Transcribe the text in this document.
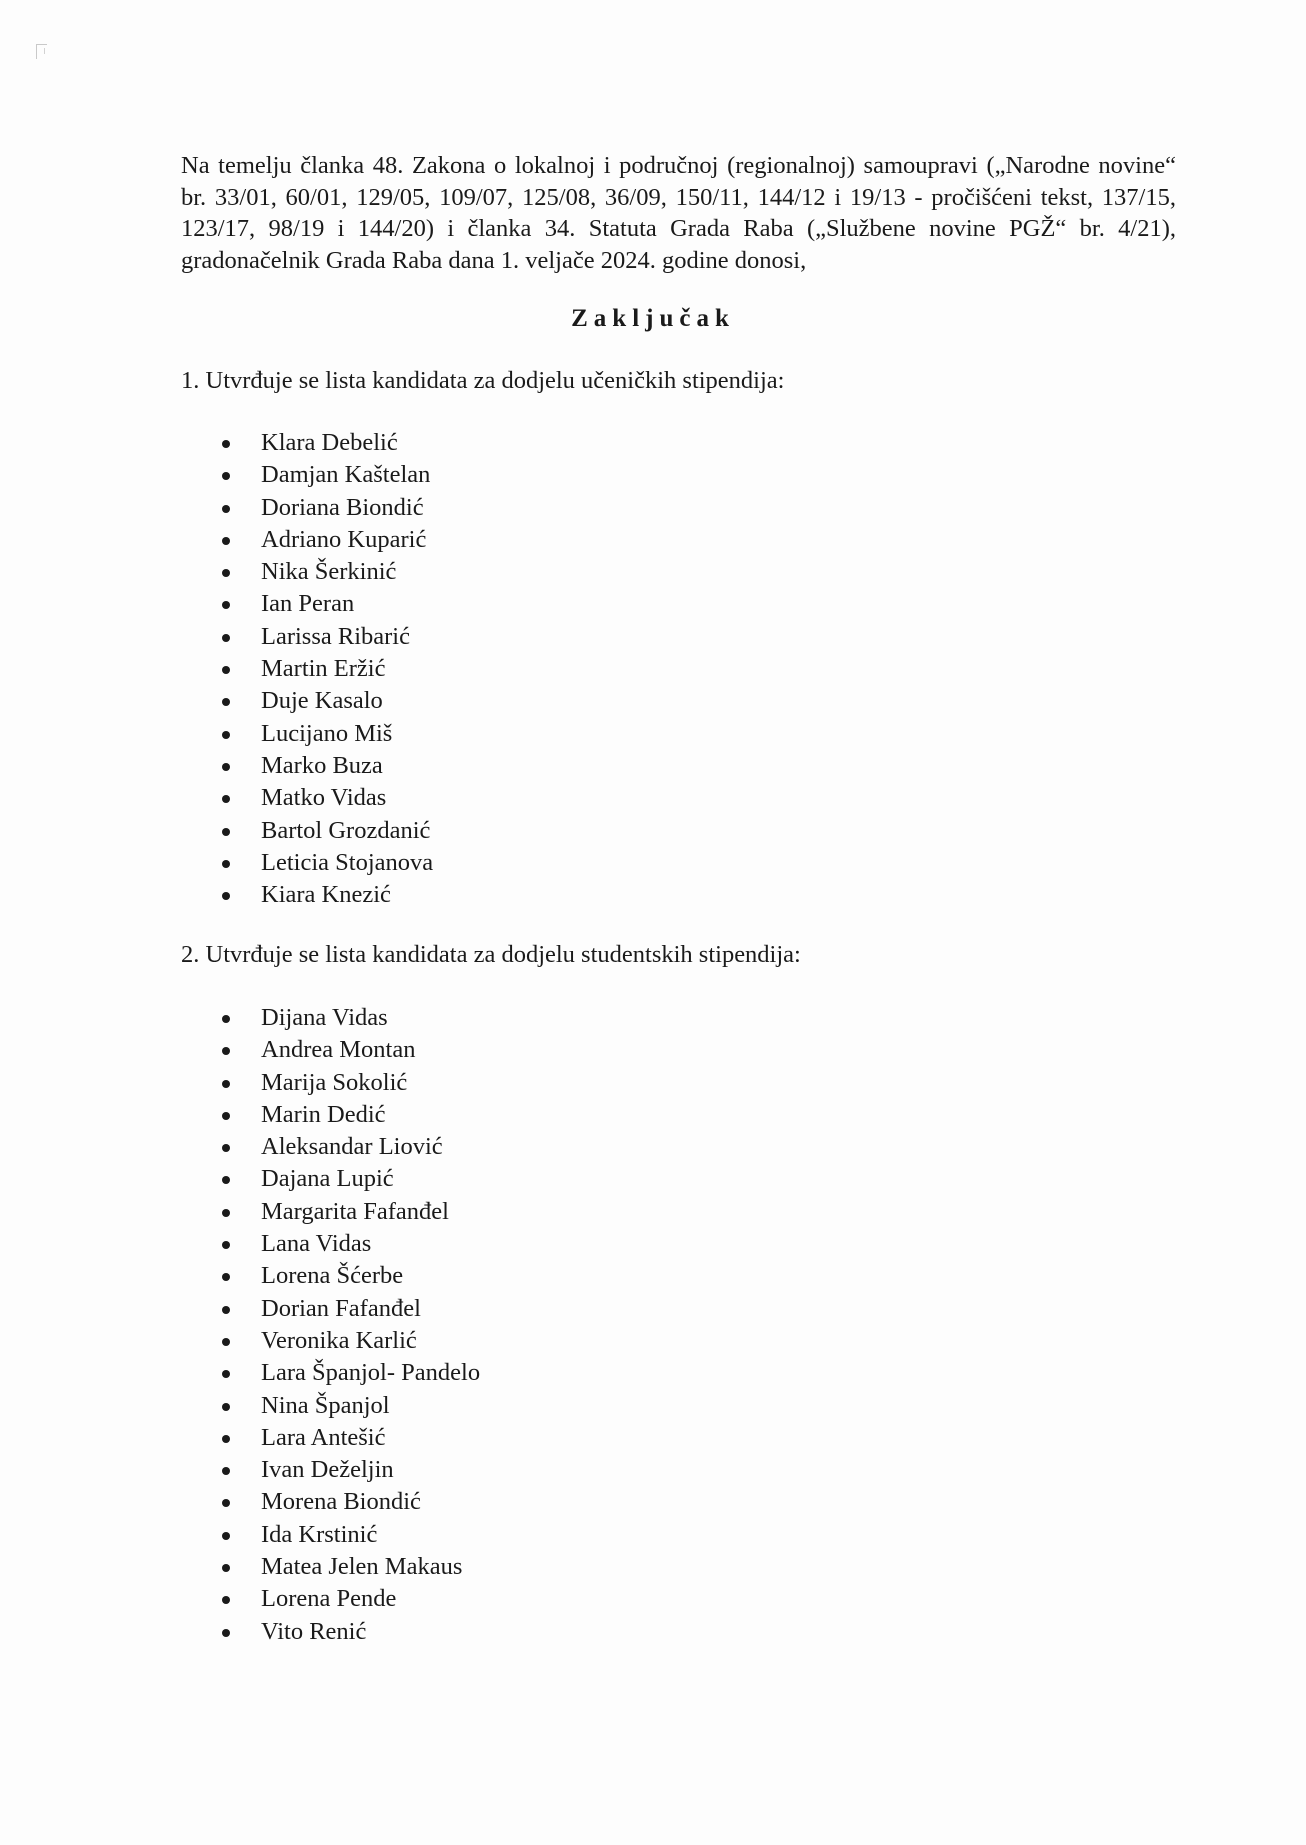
Na temelju članka 48. Zakona o lokalnoj i područnoj (regionalnoj) samoupravi („Narodne novine“ br. 33/01, 60/01, 129/05, 109/07, 125/08, 36/09, 150/11, 144/12 i 19/13 - pročišćeni tekst, 137/15, 123/17, 98/19 i 144/20) i članka 34. Statuta Grada Raba („Službene novine PGŽ“ br. 4/21), gradonačelnik Grada Raba dana 1. veljače 2024. godine donosi,

Zaključak

1. Utvrđuje se lista kandidata za dodjelu učeničkih stipendija:

Klara Debelić
Damjan Kaštelan
Doriana Biondić
Adriano Kuparić
Nika Šerkinić
Ian Peran
Larissa Ribarić
Martin Eržić
Duje Kasalo
Lucijano Miš
Marko Buza
Matko Vidas
Bartol Grozdanić
Leticia Stojanova
Kiara Knezić

2. Utvrđuje se lista kandidata za dodjelu studentskih stipendija:

Dijana Vidas
Andrea Montan
Marija Sokolić
Marin Dedić
Aleksandar Liović
Dajana Lupić
Margarita Fafanđel
Lana Vidas
Lorena Šćerbe
Dorian Fafanđel
Veronika Karlić
Lara Španjol- Pandelo
Nina Španjol
Lara Antešić
Ivan Deželjin
Morena Biondić
Ida Krstinić
Matea Jelen Makaus
Lorena Pende
Vito Renić
